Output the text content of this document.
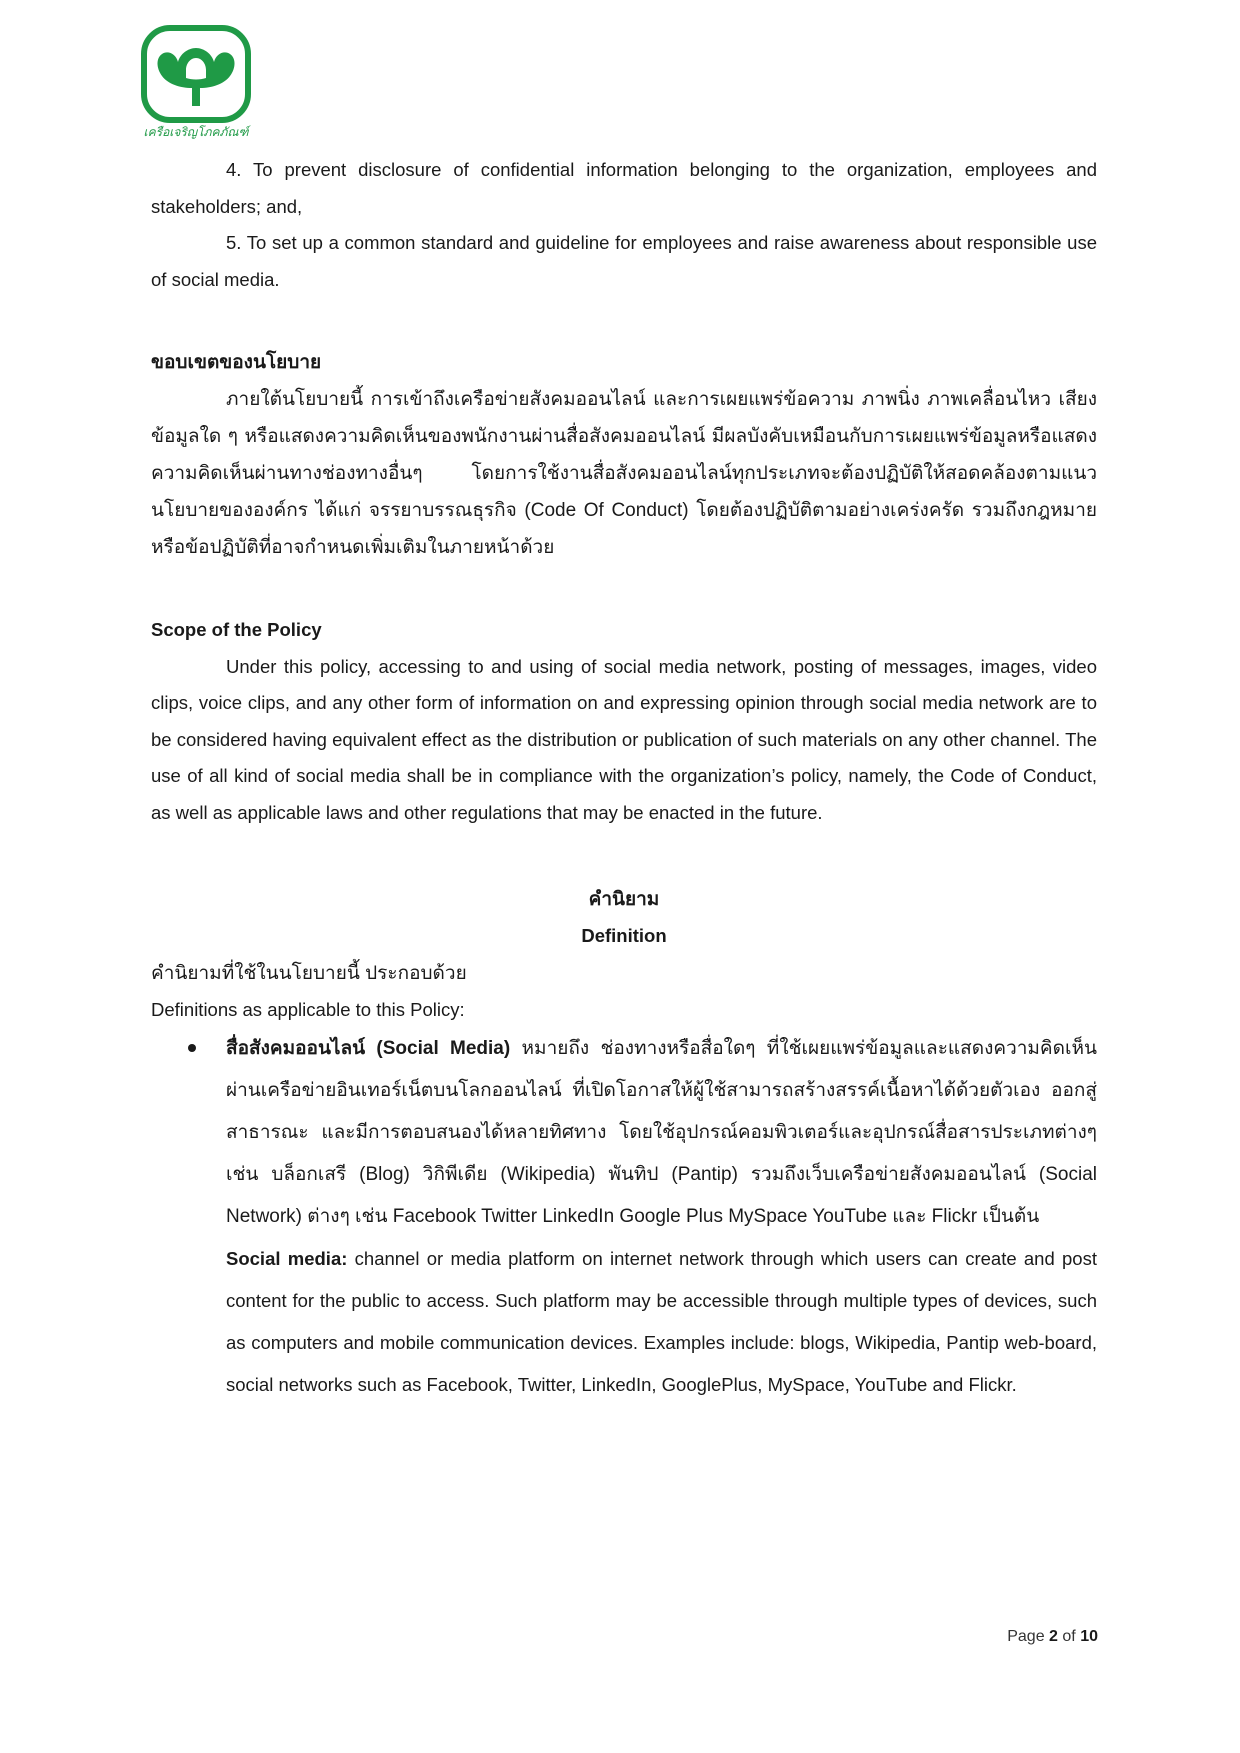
เครือเจริญโภคภัณฑ์

4. To prevent disclosure of confidential information belonging to the organization, employees and stakeholders; and,

5. To set up a common standard and guideline for employees and raise awareness about responsible use of social media.

ขอบเขตของนโยบาย

ภายใต้นโยบายนี้ การเข้าถึงเครือข่ายสังคมออนไลน์ และการเผยแพร่ข้อความ ภาพนิ่ง ภาพเคลื่อนไหว เสียง ข้อมูลใด ๆ หรือแสดงความคิดเห็นของพนักงานผ่านสื่อสังคมออนไลน์ มีผลบังคับเหมือนกับการเผยแพร่ข้อมูลหรือแสดงความคิดเห็นผ่านทางช่องทางอื่นๆ โดยการใช้งานสื่อสังคมออนไลน์ทุกประเภทจะต้องปฏิบัติให้สอดคล้องตามแนวนโยบายขององค์กร ได้แก่ จรรยาบรรณธุรกิจ (Code Of Conduct) โดยต้องปฏิบัติตามอย่างเคร่งครัด รวมถึงกฎหมายหรือข้อปฏิบัติที่อาจกำหนดเพิ่มเติมในภายหน้าด้วย

Scope of the Policy

Under this policy, accessing to and using of social media network, posting of messages, images, video clips, voice clips, and any other form of information on and expressing opinion through social media network are to be considered having equivalent effect as the distribution or publication of such materials on any other channel. The use of all kind of social media shall be in compliance with the organization’s policy, namely, the Code of Conduct, as well as applicable laws and other regulations that may be enacted in the future.

คำนิยาม

Definition

คำนิยามที่ใช้ในนโยบายนี้ ประกอบด้วย

Definitions as applicable to this Policy:

สื่อสังคมออนไลน์ (Social Media) หมายถึง ช่องทางหรือสื่อใดๆ ที่ใช้เผยแพร่ข้อมูลและแสดงความคิดเห็นผ่านเครือข่ายอินเทอร์เน็ตบนโลกออนไลน์ ที่เปิดโอกาสให้ผู้ใช้สามารถสร้างสรรค์เนื้อหาได้ด้วยตัวเอง ออกสู่สาธารณะ และมีการตอบสนองได้หลายทิศทาง โดยใช้อุปกรณ์คอมพิวเตอร์และอุปกรณ์สื่อสารประเภทต่างๆ เช่น บล็อกเสรี (Blog) วิกิพีเดีย (Wikipedia) พันทิป (Pantip) รวมถึงเว็บเครือข่ายสังคมออนไลน์ (Social Network) ต่างๆ เช่น Facebook Twitter LinkedIn Google Plus MySpace YouTube และ Flickr เป็นต้น

Social media: channel or media platform on internet network through which users can create and post content for the public to access. Such platform may be accessible through multiple types of devices, such as computers and mobile communication devices. Examples include: blogs, Wikipedia, Pantip web-board, social networks such as Facebook, Twitter, LinkedIn, GooglePlus, MySpace, YouTube and Flickr.

Page 2 of 10
